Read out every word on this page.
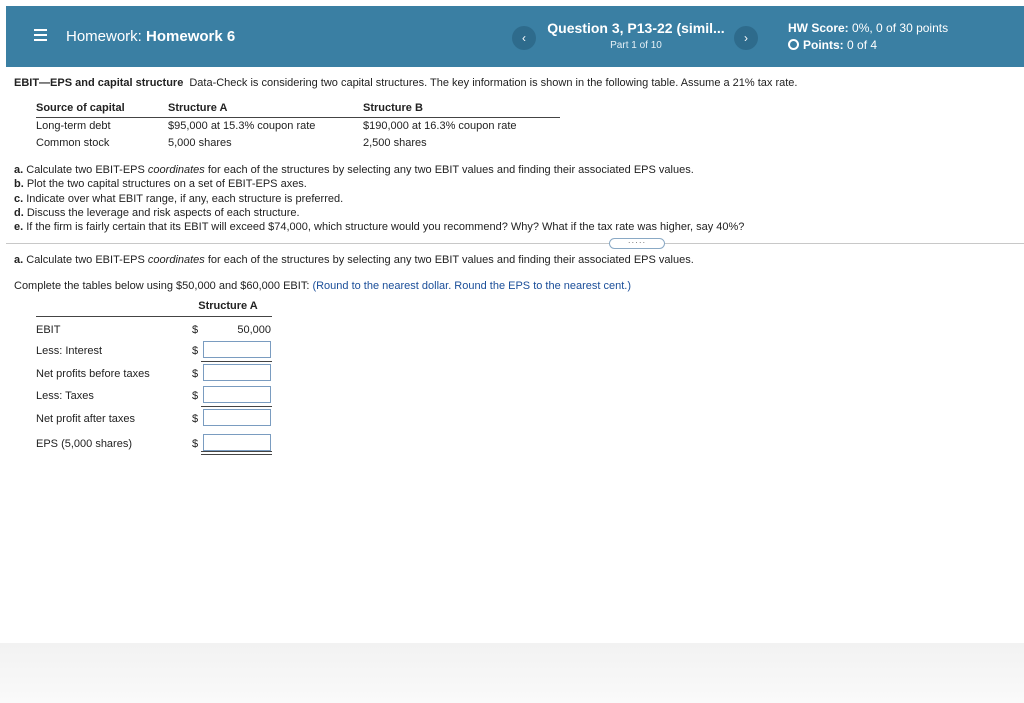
Homework: Homework 6	‹
Question 3, P13-22 (simil...
Part 1 of 10
›
HW Score: 0%, 0 of 30 points
Points: 0 of 4
EBIT—EPS and capital structure Data-Check is considering two capital structures. The key information is shown in the following table. Assume a 21% tax rate.
Source of capital	Structure A	Structure B
Long-term debt	$95,000 at 15.3% coupon rate	$190,000 at 16.3% coupon rate
Common stock	5,000 shares	2,500 shares
a. Calculate two EBIT-EPS coordinates for each of the structures by selecting any two EBIT values and finding their associated EPS values.
b. Plot the two capital structures on a set of EBIT-EPS axes.
c. Indicate over what EBIT range, if any, each structure is preferred.
d. Discuss the leverage and risk aspects of each structure.
e. If the firm is fairly certain that its EBIT will exceed $74,000, which structure would you recommend? Why? What if the tax rate was higher, say 40%?
·····
a. Calculate two EBIT-EPS coordinates for each of the structures by selecting any two EBIT values and finding their associated EPS values.
Complete the tables below using $50,000 and $60,000 EBIT: (Round to the nearest dollar. Round the EPS to the nearest cent.)
Structure A
EBIT	$	50,000
Less: Interest	$
Net profits before taxes	$
Less: Taxes	$
Net profit after taxes	$
EPS (5,000 shares)	$
